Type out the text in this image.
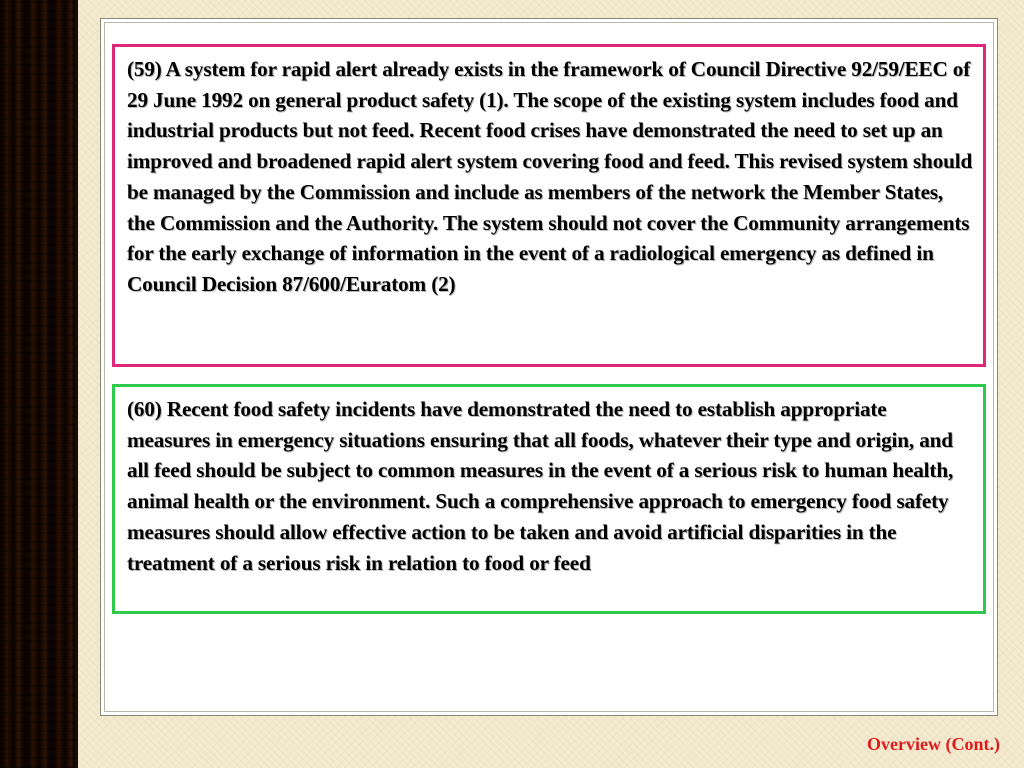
(59) A system for rapid alert already exists in the framework of Council Directive 92/59/EEC of 29 June 1992 on general product safety (1). The scope of the existing system includes food and industrial products but not feed. Recent food crises have demonstrated the need to set up an improved and broadened rapid alert system covering food and feed. This revised system should be managed by the Commission and include as members of the network the Member States, the Commission and the Authority. The system should not cover the Community arrangements for the early exchange of information in the event of a radiological emergency as defined in Council Decision 87/600/Euratom (2)
(60) Recent food safety incidents have demonstrated the need to establish appropriate measures in emergency situations ensuring that all foods, whatever their type and origin, and all feed should be subject to common measures in the event of a serious risk to human health, animal health or the environment. Such a comprehensive approach to emergency food safety measures should allow effective action to be taken and avoid artificial disparities in the treatment of a serious risk in relation to food or feed
Overview (Cont.)
